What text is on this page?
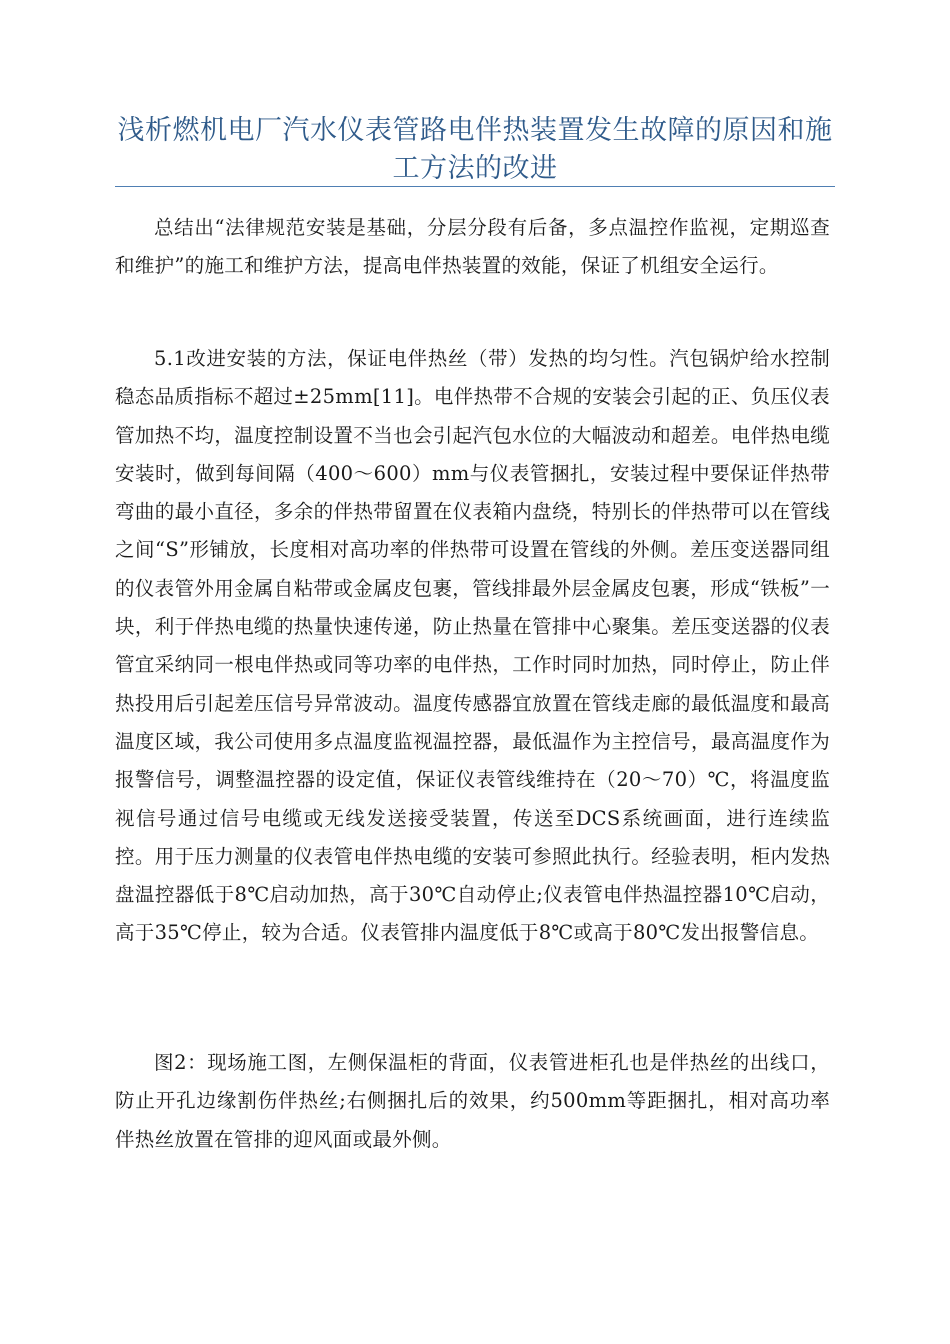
浅析燃机电厂汽水仪表管路电伴热装置发生故障的原因和施工方法的改进

总结出“法律规范安装是基础，分层分段有后备，多点温控作监视，定期巡查和维护”的施工和维护方法，提高电伴热装置的效能，保证了机组安全运行。

5.1改进安装的方法，保证电伴热丝（带）发热的均匀性。汽包锅炉给水控制稳态品质指标不超过±25mm[11]。电伴热带不合规的安装会引起的正、负压仪表管加热不均，温度控制设置不当也会引起汽包水位的大幅波动和超差。电伴热电缆安装时，做到每间隔（400～600）mm与仪表管捆扎，安装过程中要保证伴热带弯曲的最小直径，多余的伴热带留置在仪表箱内盘绕，特别长的伴热带可以在管线之间“S”形铺放，长度相对高功率的伴热带可设置在管线的外侧。差压变送器同组的仪表管外用金属自粘带或金属皮包裹，管线排最外层金属皮包裹，形成“铁板”一块，利于伴热电缆的热量快速传递，防止热量在管排中心聚集。差压变送器的仪表管宜采纳同一根电伴热或同等功率的电伴热，工作时同时加热，同时停止，防止伴热投用后引起差压信号异常波动。温度传感器宜放置在管线走廊的最低温度和最高温度区域，我公司使用多点温度监视温控器，最低温作为主控信号，最高温度作为报警信号，调整温控器的设定值，保证仪表管线维持在（20～70）℃，将温度监视信号通过信号电缆或无线发送接受装置，传送至DCS系统画面，进行连续监控。用于压力测量的仪表管电伴热电缆的安装可参照此执行。经验表明，柜内发热盘温控器低于8℃启动加热，高于30℃自动停止;仪表管电伴热温控器10℃启动，高于35℃停止，较为合适。仪表管排内温度低于8℃或高于80℃发出报警信息。

图2：现场施工图，左侧保温柜的背面，仪表管进柜孔也是伴热丝的出线口，防止开孔边缘割伤伴热丝;右侧捆扎后的效果，约500mm等距捆扎，相对高功率伴热丝放置在管排的迎风面或最外侧。
